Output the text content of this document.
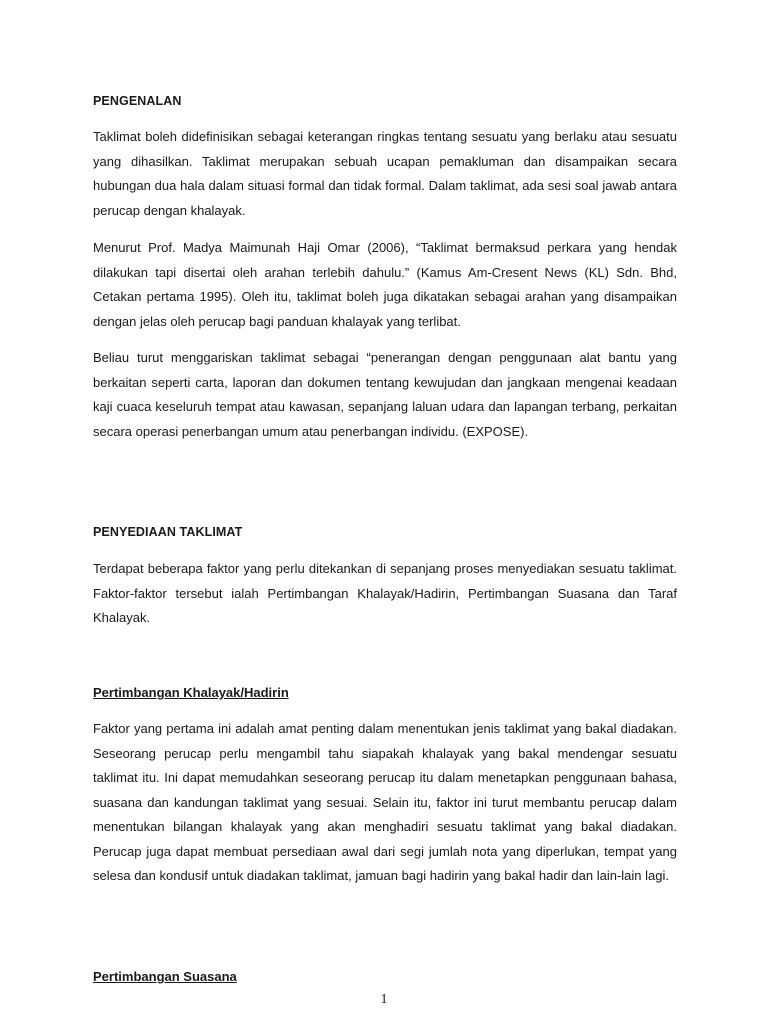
PENGENALAN

Taklimat boleh didefinisikan sebagai keterangan ringkas tentang sesuatu yang berlaku atau sesuatu yang dihasilkan. Taklimat merupakan sebuah ucapan pemakluman dan disampaikan secara hubungan dua hala dalam situasi formal dan tidak formal. Dalam taklimat, ada sesi soal jawab antara perucap dengan khalayak.

Menurut Prof. Madya Maimunah Haji Omar (2006), “Taklimat bermaksud perkara yang hendak dilakukan tapi disertai oleh arahan terlebih dahulu.” (Kamus Am-Cresent News (KL) Sdn. Bhd, Cetakan pertama 1995). Oleh itu, taklimat boleh juga dikatakan sebagai arahan yang disampaikan dengan jelas oleh perucap bagi panduan khalayak yang terlibat.

Beliau turut menggariskan taklimat sebagai “penerangan dengan penggunaan alat bantu yang berkaitan seperti carta, laporan dan dokumen tentang kewujudan dan jangkaan mengenai keadaan kaji cuaca keseluruh tempat atau kawasan, sepanjang laluan udara dan lapangan terbang, perkaitan secara operasi penerbangan umum atau penerbangan individu. (EXPOSE).

PENYEDIAAN TAKLIMAT

Terdapat beberapa faktor yang perlu ditekankan di sepanjang proses menyediakan sesuatu taklimat. Faktor-faktor tersebut ialah Pertimbangan Khalayak/Hadirin, Pertimbangan Suasana dan Taraf Khalayak.

Pertimbangan Khalayak/Hadirin

Faktor yang pertama ini adalah amat penting dalam menentukan jenis taklimat yang bakal diadakan. Seseorang perucap perlu mengambil tahu siapakah khalayak yang bakal mendengar sesuatu taklimat itu. Ini dapat memudahkan seseorang perucap itu dalam menetapkan penggunaan bahasa, suasana dan kandungan taklimat yang sesuai. Selain itu, faktor ini turut membantu perucap dalam menentukan bilangan khalayak yang akan menghadiri sesuatu taklimat yang bakal diadakan. Perucap juga dapat membuat persediaan awal dari segi jumlah nota yang diperlukan, tempat yang selesa dan kondusif untuk diadakan taklimat, jamuan bagi hadirin yang bakal hadir dan lain-lain lagi.

Pertimbangan Suasana

1
